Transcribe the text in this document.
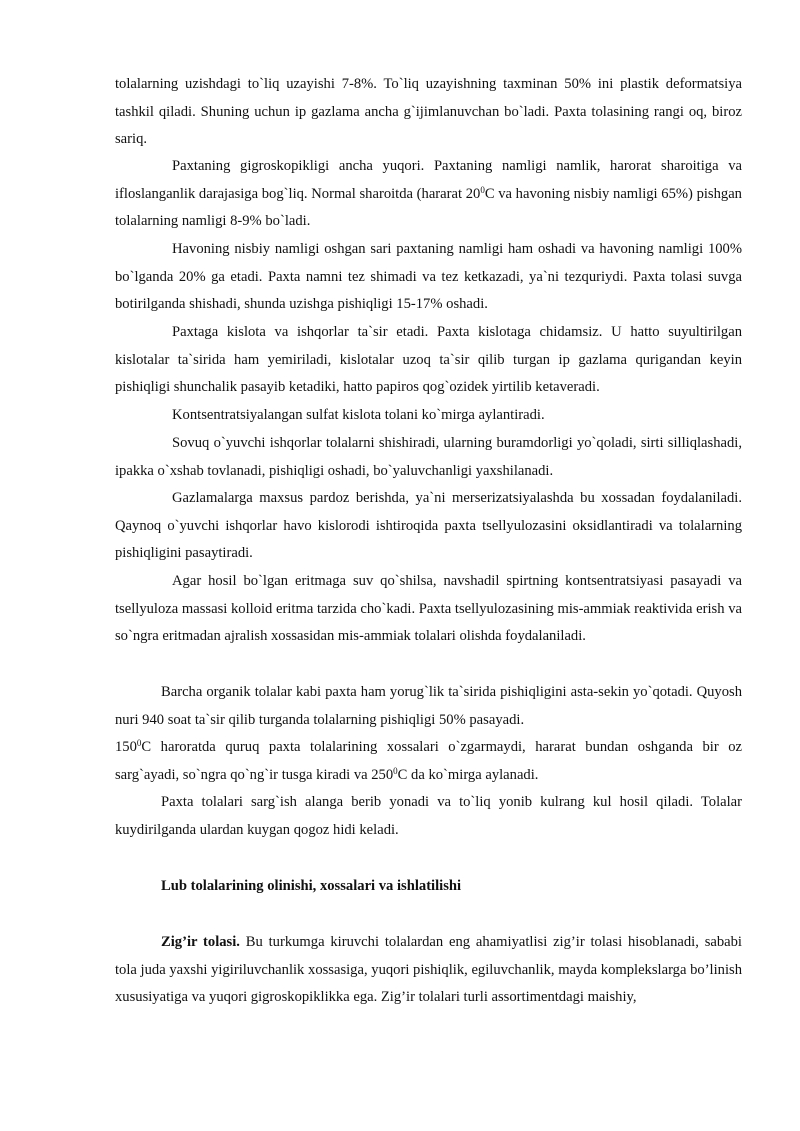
tolalarning uzishdagi to`liq uzayishi 7-8%. To`liq uzayishning taxminan 50% ini plastik deformatsiya tashkil qiladi. Shuning uchun ip gazlama ancha g`ijimlanuvchan bo`ladi. Paxta tolasining rangi oq, biroz sariq.

Paxtaning gigroskopikligi ancha yuqori. Paxtaning namligi namlik, harorat sharoitiga va ifloslanganlik darajasiga bog`liq. Normal sharoitda (hararat $20^0C$ va havoning nisbiy namligi 65%) pishgan tolalarning namligi 8-9% bo`ladi.

Havoning nisbiy namligi oshgan sari paxtaning namligi ham oshadi va havoning namligi 100% bo`lganda 20% ga etadi. Paxta namni tez shimadi va tez ketkazadi, ya`ni tezquriydi. Paxta tolasi suvga botirilganda shishadi, shunda uzishga pishiqligi 15-17% oshadi.

Paxtaga kislota va ishqorlar ta`sir etadi. Paxta kislotaga chidamsiz. U hatto suyultirilgan kislotalar ta`sirida ham yemiriladi, kislotalar uzoq ta`sir qilib turgan ip gazlama qurigandan keyin pishiqligi shunchalik pasayib ketadiki, hatto papiros qog`ozidek yirtilib ketaveradi.

Kontsentratsiyalangan sulfat kislota tolani ko`mirga aylantiradi.

Sovuq o`yuvchi ishqorlar tolalarni shishiradi, ularning buramdorligi yo`qoladi, sirti silliqlashadi, ipakka o`xshab tovlanadi, pishiqligi oshadi, bo`yaluvchanligi yaxshilanadi.

Gazlamalarga maxsus pardoz berishda, ya`ni merserizatsiyalashda bu xossadan foydalaniladi. Qaynoq o`yuvchi ishqorlar havo kislorodi ishtiroqida paxta tsellyulozasini oksidlantiradi va tolalarning pishiqligini pasaytiradi.

Agar hosil bo`lgan eritmaga suv qo`shilsa, navshadil spirtning kontsentratsiyasi pasayadi va tsellyuloza massasi kolloid eritma tarzida cho`kadi. Paxta tsellyulozasining mis-ammiak reaktivida erish va so`ngra eritmadan ajralish xossasidan mis-ammiak tolalari olishda foydalaniladi.

Barcha organik tolalar kabi paxta ham yorug`lik ta`sirida pishiqligini asta-sekin yo`qotadi. Quyosh nuri 940 soat ta`sir qilib turganda tolalarning pishiqligi 50% pasayadi.

$150^0C$ haroratda quruq paxta tolalarining xossalari o`zgarmaydi, hararat bundan oshganda bir oz sarg`ayadi, so`ngra qo`ng`ir tusga kiradi va $250^0C$ da ko`mirga aylanadi.

Paxta tolalari sarg`ish alanga berib yonadi va to`liq yonib kulrang kul hosil qiladi. Tolalar kuydirilganda ulardan kuygan qogoz hidi keladi.

Lub tolalarining olinishi, xossalari va ishlatilishi

Zig’ir tolasi. Bu turkumga kiruvchi tolalardan eng ahamiyatlisi zig’ir tolasi hisoblanadi, sababi tola juda yaxshi yigiriluvchanlik xossasiga, yuqori pishiqlik, egiluvchanlik, mayda komplekslarga bo’linish xususiyatiga va yuqori gigroskopiklikka ega. Zig’ir tolalari turli assortimentdagi maishiy,
